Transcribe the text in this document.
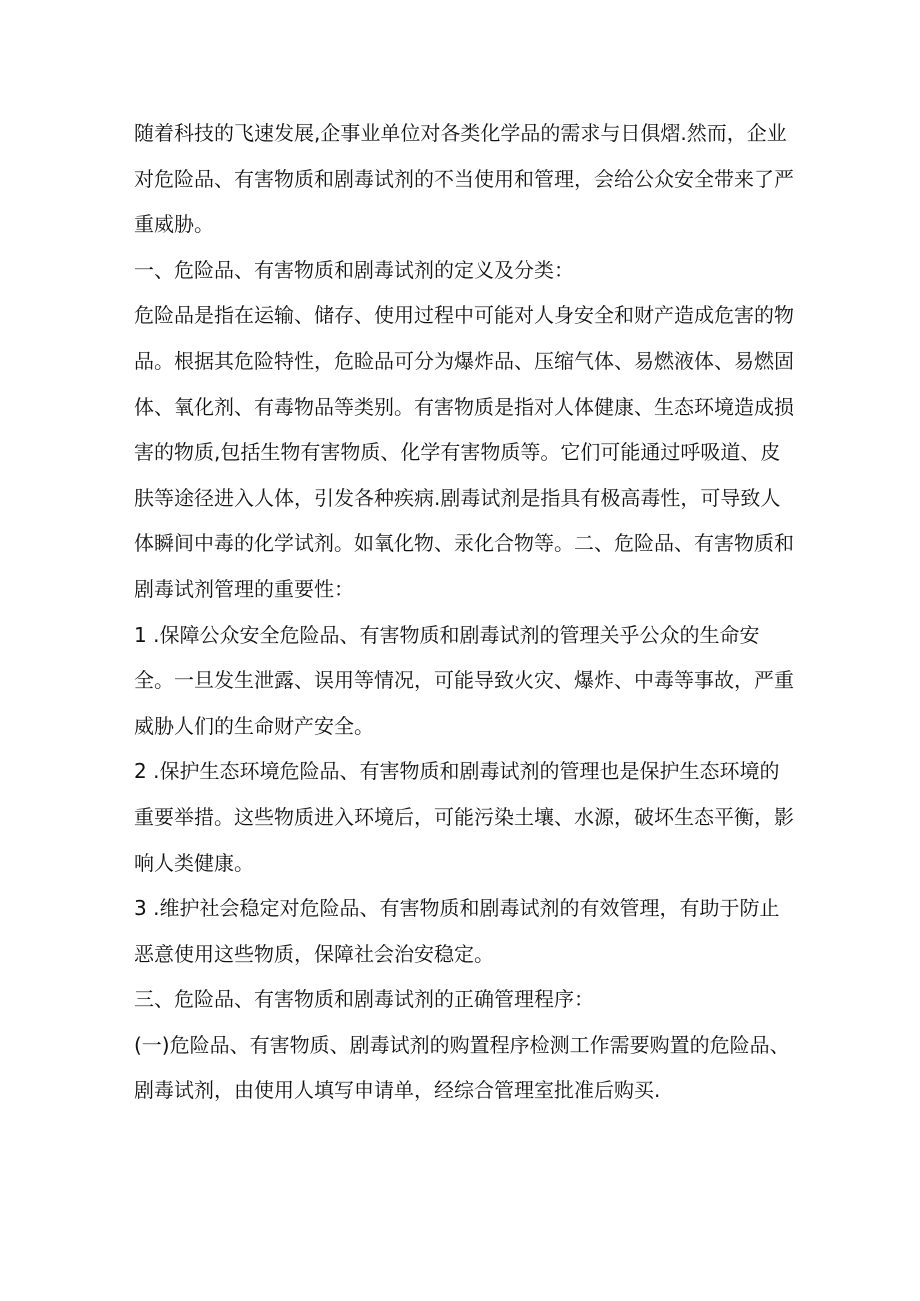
随着科技的飞速发展,企事业单位对各类化学品的需求与日俱熠.然而，企业对危险品、有害物质和剧毒试剂的不当使用和管理，会给公众安全带来了严重威胁。

一、危险品、有害物质和剧毒试剂的定义及分类：

危险品是指在运输、储存、使用过程中可能对人身安全和财产造成危害的物品。根据其危险特性，危睑品可分为爆炸品、压缩气体、易燃液体、易燃固体、氧化剂、有毒物品等类别。有害物质是指对人体健康、生态环境造成损害的物质,包括生物有害物质、化学有害物质等。它们可能通过呼吸道、皮肤等途径进入人体，引发各种疾病.剧毒试剂是指具有极高毒性，可导致人体瞬间中毒的化学试剂。如氧化物、汞化合物等。二、危险品、有害物质和剧毒试剂管理的重要性：

1 .保障公众安全危险品、有害物质和剧毒试剂的管理关乎公众的生命安全。一旦发生泄露、误用等情况，可能导致火灾、爆炸、中毒等事故，严重威胁人们的生命财产安全。

2 .保护生态环境危险品、有害物质和剧毒试剂的管理也是保护生态环境的重要举措。这些物质进入环境后，可能污染土壤、水源，破坏生态平衡，影响人类健康。

3 .维护社会稳定对危险品、有害物质和剧毒试剂的有效管理，有助于防止恶意使用这些物质，保障社会治安稳定。

三、危险品、有害物质和剧毒试剂的正确管理程序：

(一)危险品、有害物质、剧毒试剂的购置程序检测工作需要购置的危险品、剧毒试剂，由使用人填写申请单，经综合管理室批准后购买.
